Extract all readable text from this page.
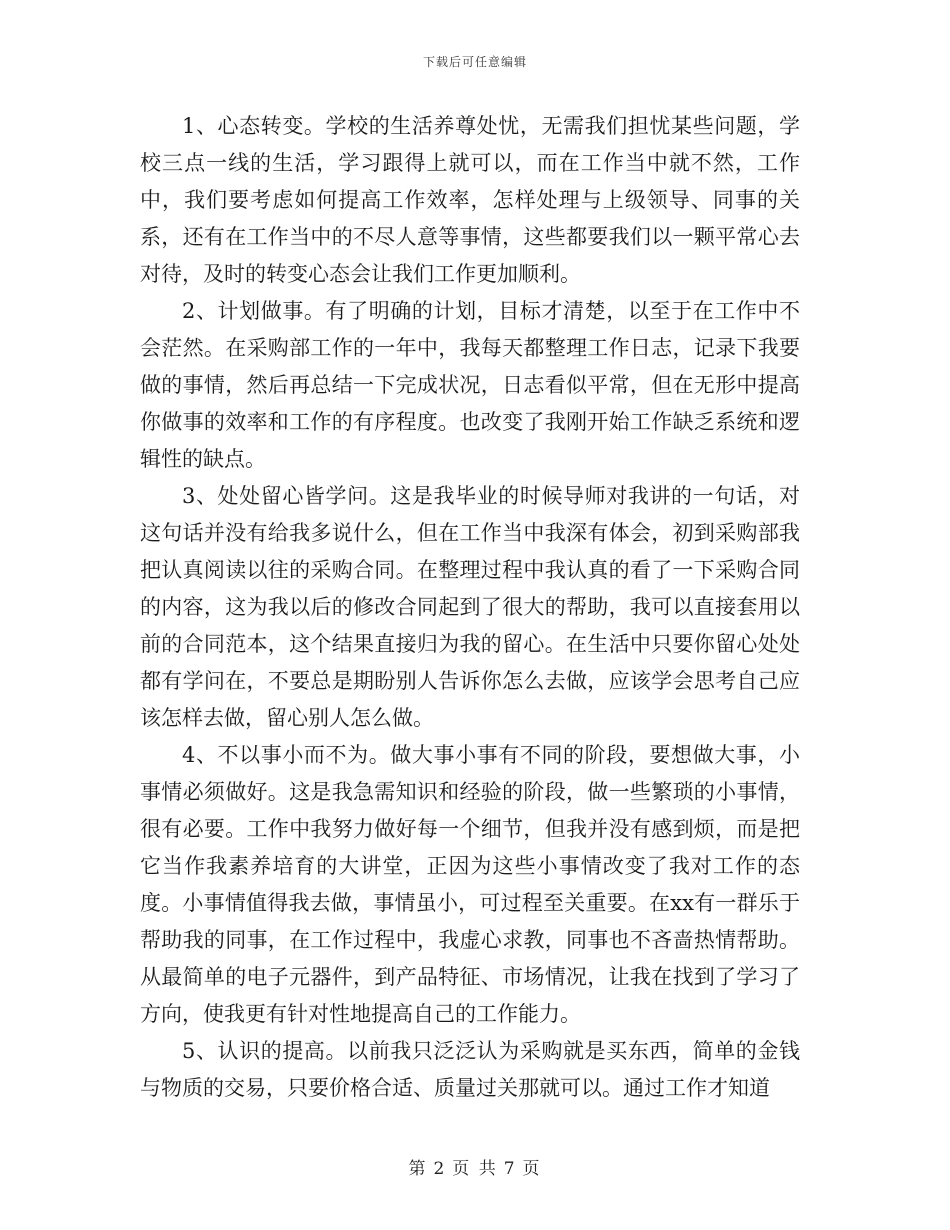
下载后可任意编辑

1、心态转变。学校的生活养尊处忧，无需我们担忧某些问题，学校三点一线的生活，学习跟得上就可以，而在工作当中就不然，工作中，我们要考虑如何提高工作效率，怎样处理与上级领导、同事的关系，还有在工作当中的不尽人意等事情，这些都要我们以一颗平常心去对待，及时的转变心态会让我们工作更加顺利。

2、计划做事。有了明确的计划，目标才清楚，以至于在工作中不会茫然。在采购部工作的一年中，我每天都整理工作日志，记录下我要做的事情，然后再总结一下完成状况，日志看似平常，但在无形中提高你做事的效率和工作的有序程度。也改变了我刚开始工作缺乏系统和逻辑性的缺点。

3、处处留心皆学问。这是我毕业的时候导师对我讲的一句话，对这句话并没有给我多说什么，但在工作当中我深有体会，初到采购部我把认真阅读以往的采购合同。在整理过程中我认真的看了一下采购合同的内容，这为我以后的修改合同起到了很大的帮助，我可以直接套用以前的合同范本，这个结果直接归为我的留心。在生活中只要你留心处处都有学问在，不要总是期盼别人告诉你怎么去做，应该学会思考自己应该怎样去做，留心别人怎么做。

4、不以事小而不为。做大事小事有不同的阶段，要想做大事，小事情必须做好。这是我急需知识和经验的阶段，做一些繁琐的小事情，很有必要。工作中我努力做好每一个细节，但我并没有感到烦，而是把它当作我素养培育的大讲堂，正因为这些小事情改变了我对工作的态度。小事情值得我去做，事情虽小，可过程至关重要。在xx有一群乐于帮助我的同事，在工作过程中，我虚心求教，同事也不吝啬热情帮助。从最简单的电子元器件，到产品特征、市场情况，让我在找到了学习了方向，使我更有针对性地提高自己的工作能力。

5、认识的提高。以前我只泛泛认为采购就是买东西，简单的金钱与物质的交易，只要价格合适、质量过关那就可以。通过工作才知道

第 2 页 共 7 页
